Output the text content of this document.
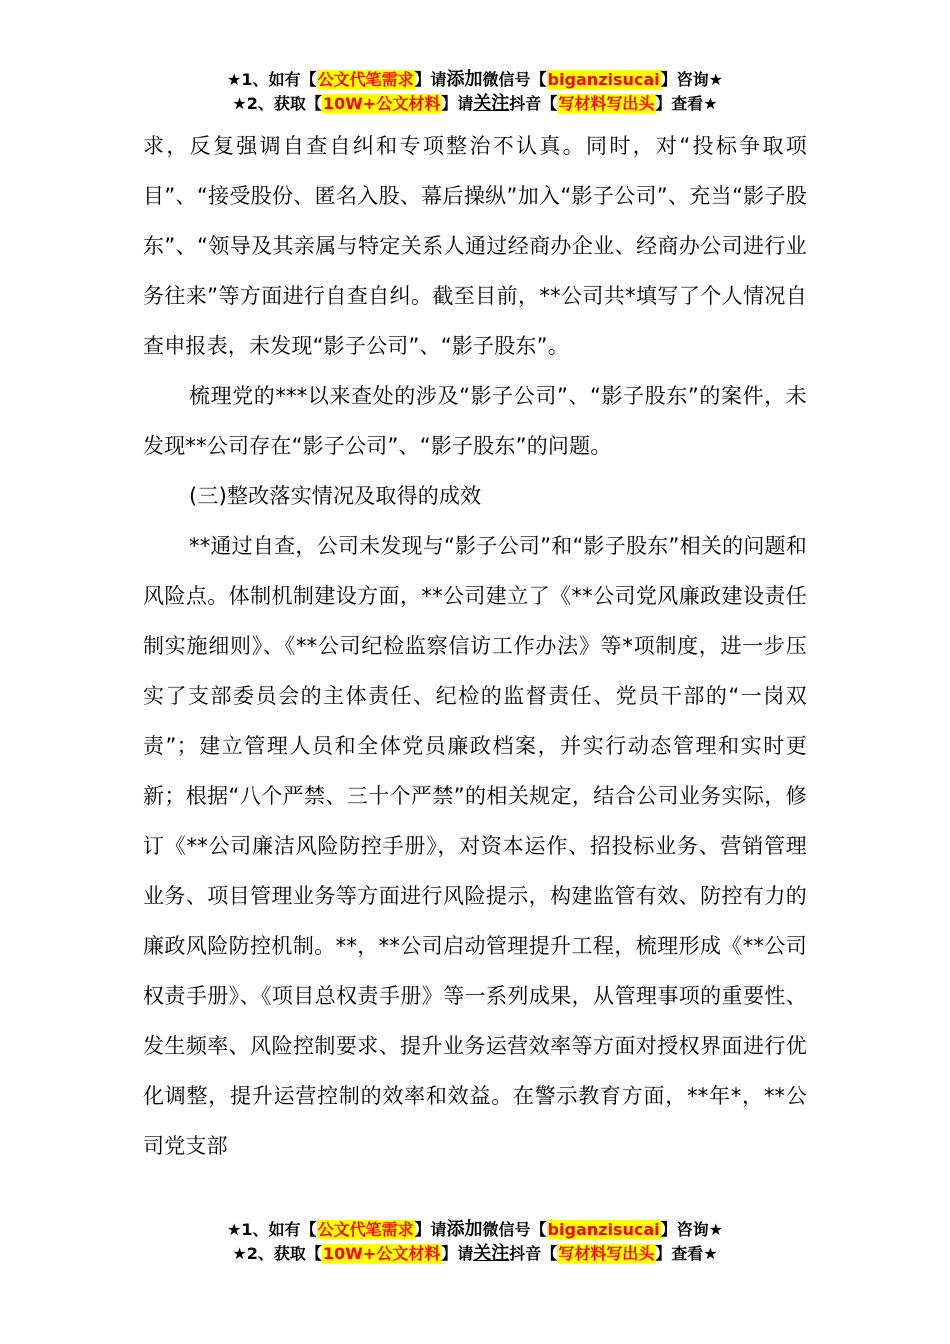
★1、如有【公文代笔需求】请添加微信号【biganzisucai】咨询★
★2、获取【10W+公文材料】请关注抖音【写材料写出头】查看★

求，反复强调自查自纠和专项整治不认真。同时，对“投标争取项目”、“接受股份、匿名入股、幕后操纵”加入“影子公司”、充当“影子股东”、“领导及其亲属与特定关系人通过经商办企业、经商办公司进行业务往来”等方面进行自查自纠。截至目前，**公司共*填写了个人情况自查申报表，未发现“影子公司”、“影子股东”。

梳理党的***以来查处的涉及“影子公司”、“影子股东”的案件，未发现**公司存在“影子公司”、“影子股东”的问题。

(三)整改落实情况及取得的成效

**通过自查，公司未发现与“影子公司”和“影子股东”相关的问题和风险点。体制机制建设方面，**公司建立了《**公司党风廉政建设责任制实施细则》、《**公司纪检监察信访工作办法》等*项制度，进一步压实了支部委员会的主体责任、纪检的监督责任、党员干部的“一岗双责”；建立管理人员和全体党员廉政档案，并实行动态管理和实时更新；根据“八个严禁、三十个严禁”的相关规定，结合公司业务实际，修订《**公司廉洁风险防控手册》，对资本运作、招投标业务、营销管理业务、项目管理业务等方面进行风险提示，构建监管有效、防控有力的廉政风险防控机制。**，**公司启动管理提升工程，梳理形成《**公司权责手册》、《项目总权责手册》等一系列成果，从管理事项的重要性、发生频率、风险控制要求、提升业务运营效率等方面对授权界面进行优化调整，提升运营控制的效率和效益。在警示教育方面，**年*，**公司党支部

★1、如有【公文代笔需求】请添加微信号【biganzisucai】咨询★
★2、获取【10W+公文材料】请关注抖音【写材料写出头】查看★
